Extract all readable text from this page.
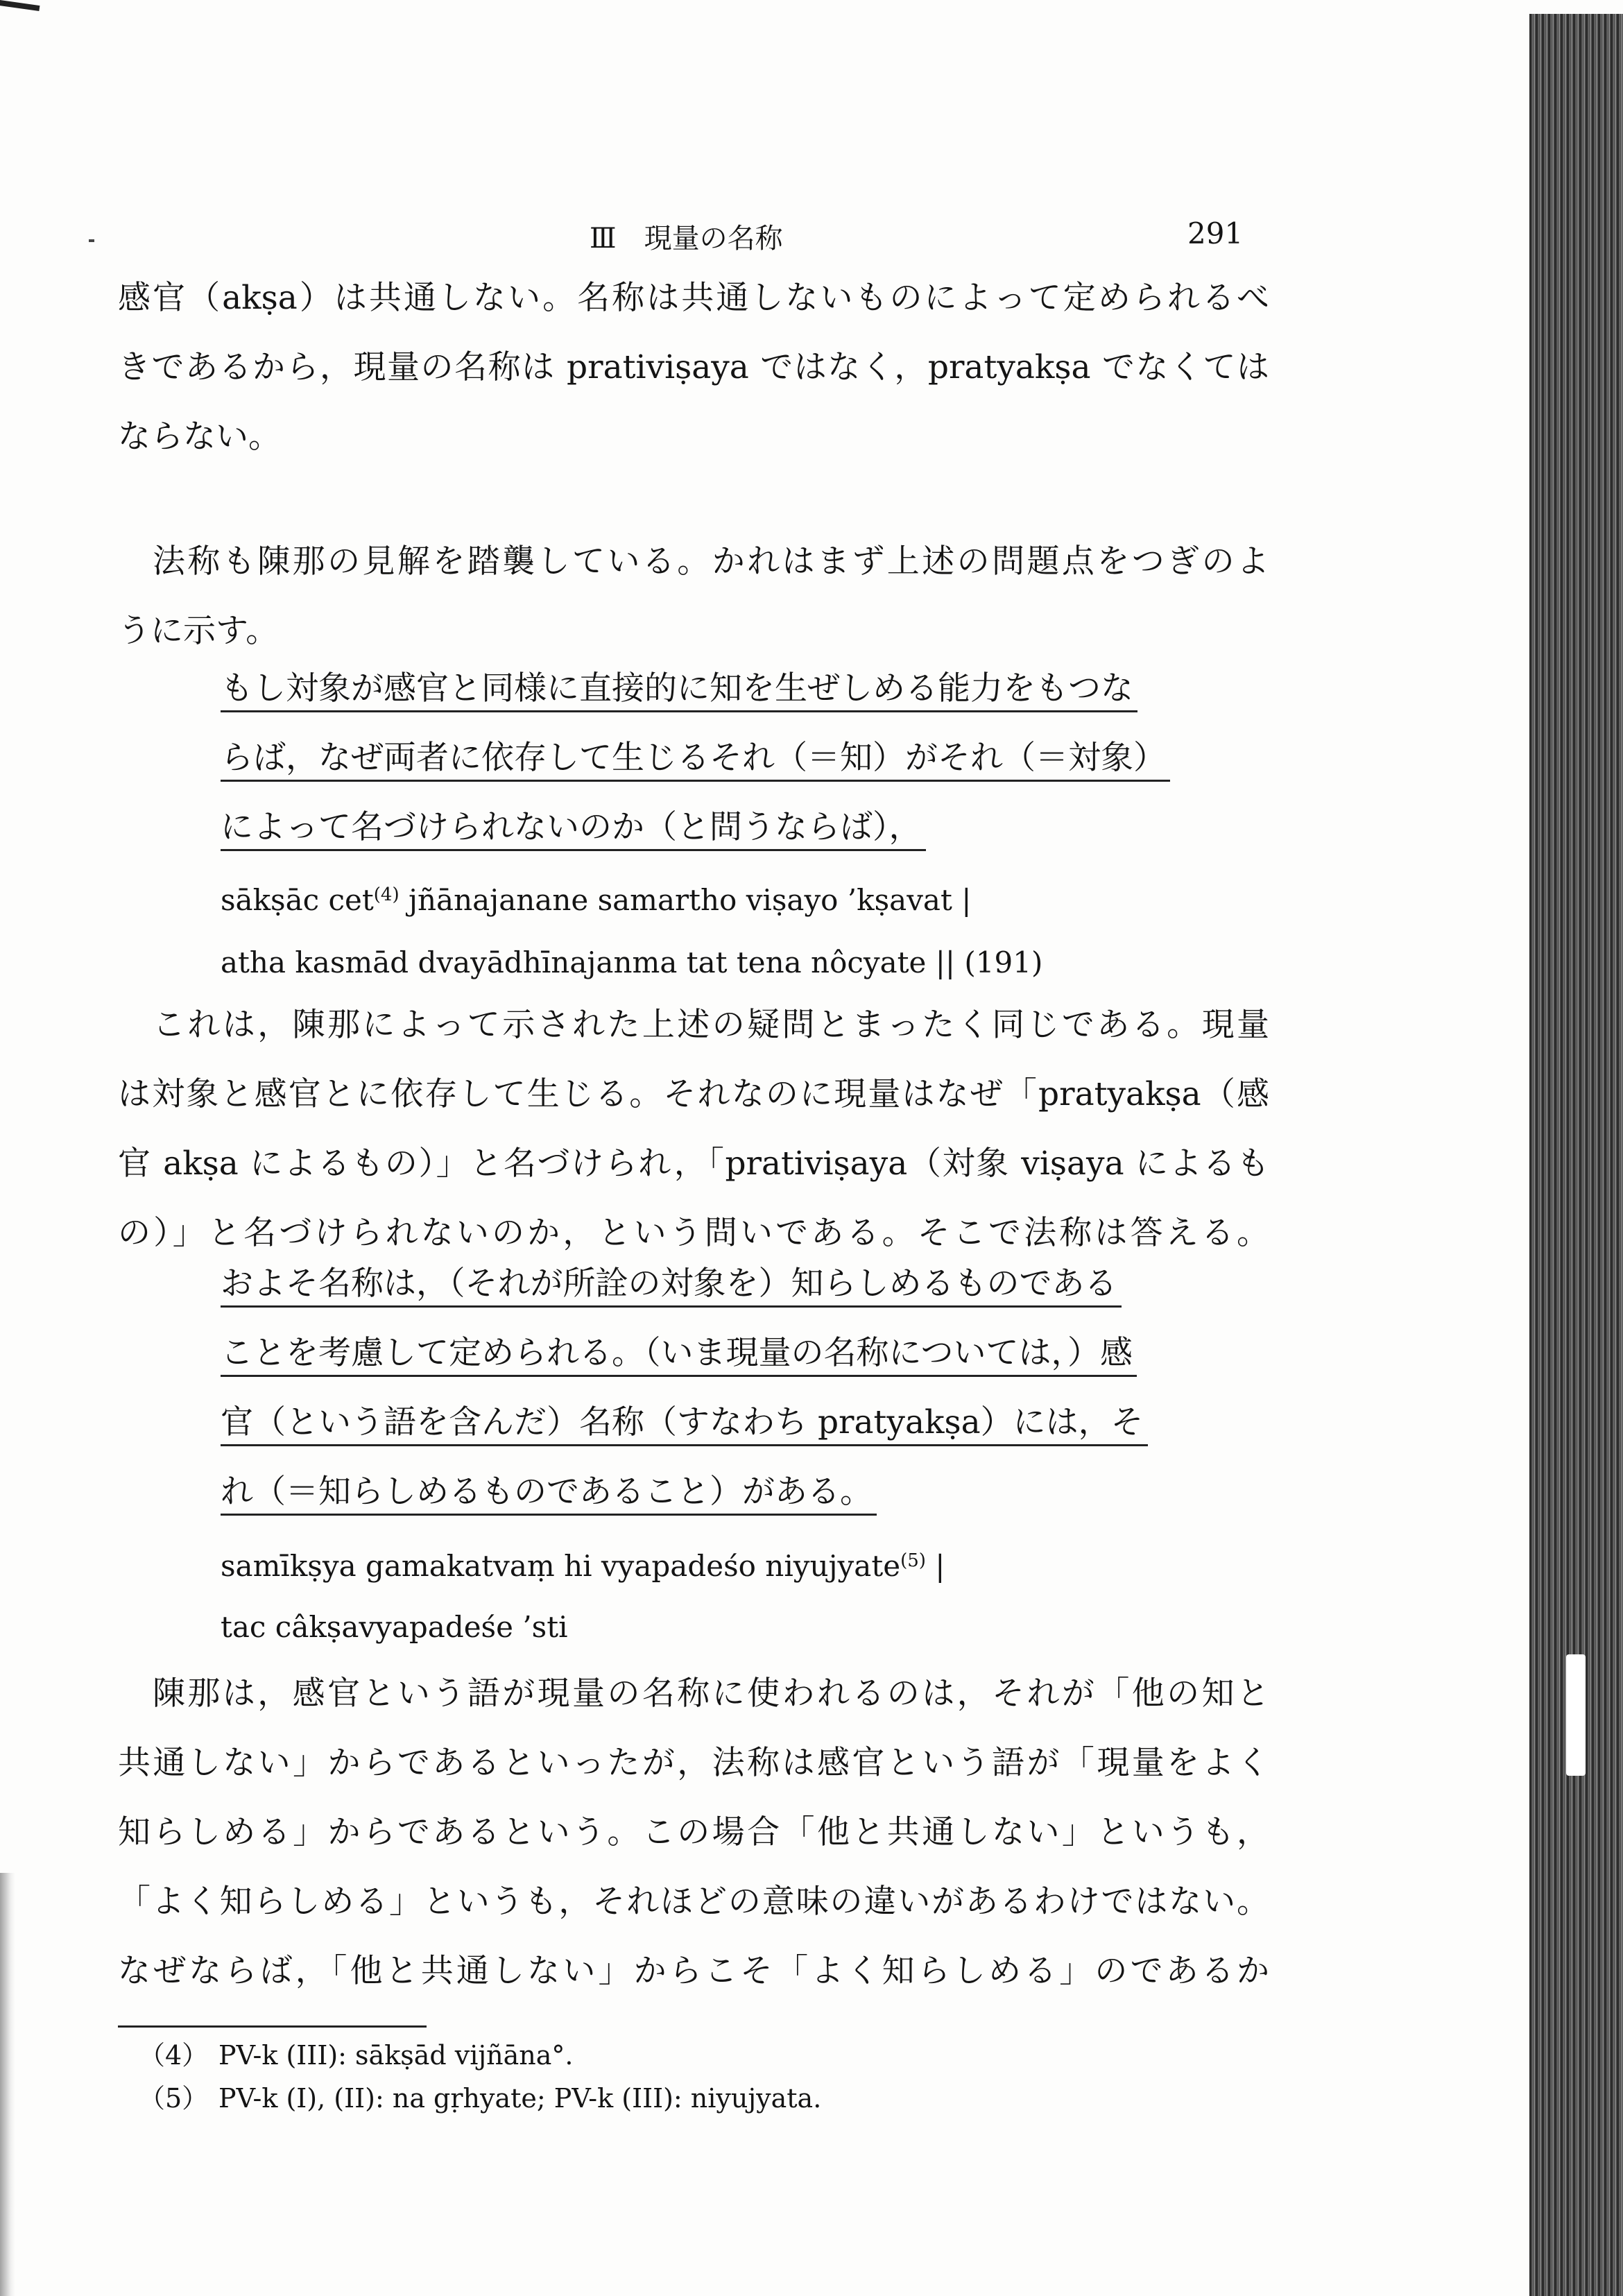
Ⅲ　現量の名称	291
感官（akṣa）は共通しない。名称は共通しないものによって定められるべ
きであるから，現量の名称は prativiṣaya ではなく，pratyakṣa でなくては
ならない。
法称も陳那の見解を踏襲している。かれはまず上述の問題点をつぎのよ
うに示す。
もし対象が感官と同様に直接的に知を生ぜしめる能力をもつな
らば，なぜ両者に依存して生じるそれ（＝知）がそれ（＝対象）
によって名づけられないのか（と問うならば），
sākṣāc cet$^{(4)}$ jñānajanane samartho viṣayo ’kṣavat |
atha kasmād dvayādhīnajanma tat tena nôcyate || (191)
これは，陳那によって示された上述の疑問とまったく同じである。現量
は対象と感官とに依存して生じる。それなのに現量はなぜ「pratyakṣa（感
官 akṣa によるもの）」と名づけられ，「prativiṣaya（対象 viṣaya によるも
の）」と名づけられないのか，という問いである。そこで法称は答える。
およそ名称は，（それが所詮の対象を）知らしめるものである
ことを考慮して定められる。（いま現量の名称については，）感
官（という語を含んだ）名称（すなわち pratyakṣa）には，そ
れ（＝知らしめるものであること）がある。
samīkṣya gamakatvaṃ hi vyapadeśo niyujyate$^{(5)}$ |
tac câkṣavyapadeśe ’sti
陳那は，感官という語が現量の名称に使われるのは，それが「他の知と
共通しない」からであるといったが，法称は感官という語が「現量をよく
知らしめる」からであるという。この場合「他と共通しない」というも，
「よく知らしめる」というも，それほどの意味の違いがあるわけではない。
なぜならば，「他と共通しない」からこそ「よく知らしめる」のであるか
（4） PV-k (III): sākṣād vijñāna°.
（5） PV-k (I), (II): na gṛhyate; PV-k (III): niyujyata.
